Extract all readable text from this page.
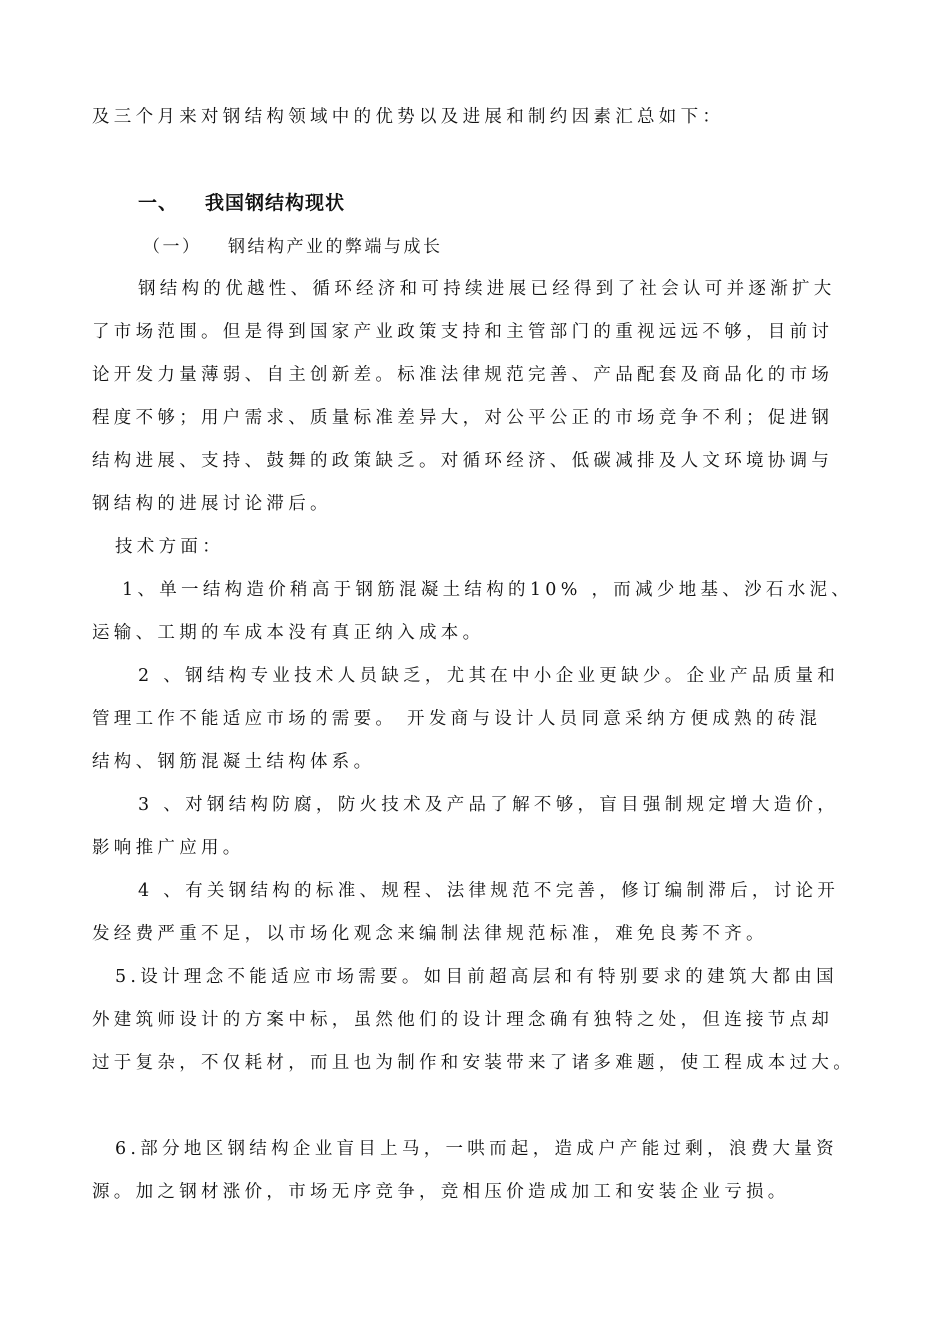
及三个月来对钢结构领域中的优势以及进展和制约因素汇总如下：
一、 我国钢结构现状
（一） 钢结构产业的弊端与成长
钢结构的优越性、循环经济和可持续进展已经得到了社会认可并逐渐扩大
了市场范围。但是得到国家产业政策支持和主管部门的重视远远不够，目前讨
论开发力量薄弱、自主创新差。标准法律规范完善、产品配套及商品化的市场
程度不够；用户需求、质量标准差异大，对公平公正的市场竞争不利；促进钢
结构进展、支持、鼓舞的政策缺乏。对循环经济、低碳减排及人文环境协调与
钢结构的进展讨论滞后。
技术方面：
1、单一结构造价稍高于钢筋混凝土结构的10% ，而减少地基、沙石水泥、
运输、工期的车成本没有真正纳入成本。
2 、钢结构专业技术人员缺乏，尤其在中小企业更缺少。企业产品质量和
管理工作不能适应市场的需要。 开发商与设计人员同意采纳方便成熟的砖混
结构、钢筋混凝土结构体系。
3 、对钢结构防腐，防火技术及产品了解不够，盲目强制规定增大造价，
影响推广应用。
4 、有关钢结构的标准、规程、法律规范不完善，修订编制滞后，讨论开
发经费严重不足，以市场化观念来编制法律规范标准，难免良莠不齐。
5.设计理念不能适应市场需要。如目前超高层和有特别要求的建筑大都由国
外建筑师设计的方案中标，虽然他们的设计理念确有独特之处，但连接节点却
过于复杂，不仅耗材，而且也为制作和安装带来了诸多难题，使工程成本过大。
6.部分地区钢结构企业盲目上马，一哄而起，造成户产能过剩，浪费大量资
源。加之钢材涨价，市场无序竞争，竞相压价造成加工和安装企业亏损。
